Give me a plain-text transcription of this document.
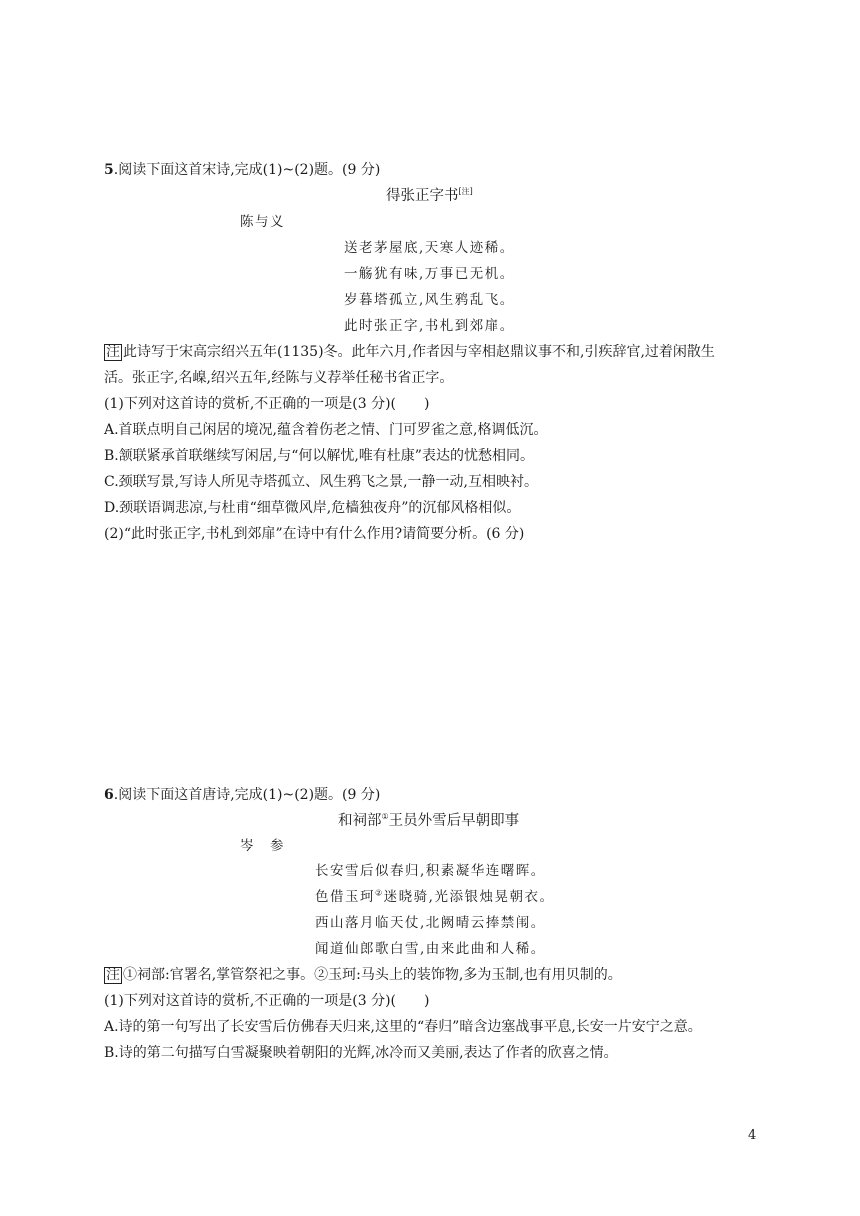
5.阅读下面这首宋诗,完成(1)~(2)题。(9 分)
得张正字书[注]
陈与义
送老茅屋底,天寒人迹稀。
一觞犹有味,万事已无机。
岁暮塔孤立,风生鸦乱飞。
此时张正字,书札到郊扉。
注 此诗写于宋高宗绍兴五年(1135)冬。此年六月,作者因与宰相赵鼎议事不和,引疾辞官,过着闲散生
活。张正字,名嵲,绍兴五年,经陈与义荐举任秘书省正字。
(1)下列对这首诗的赏析,不正确的一项是(3 分)(　　)
A.首联点明自己闲居的境况,蕴含着伤老之情、门可罗雀之意,格调低沉。
B.颔联紧承首联继续写闲居,与“何以解忧,唯有杜康”表达的忧愁相同。
C.颈联写景,写诗人所见寺塔孤立、风生鸦飞之景,一静一动,互相映衬。
D.颈联语调悲凉,与杜甫“细草微风岸,危樯独夜舟”的沉郁风格相似。
(2)“此时张正字,书札到郊扉”在诗中有什么作用?请简要分析。(6 分)
6.阅读下面这首唐诗,完成(1)~(2)题。(9 分)
和祠部①王员外雪后早朝即事
岑　参
长安雪后似春归,积素凝华连曙晖。
色借玉珂②迷晓骑,光添银烛晃朝衣。
西山落月临天仗,北阙晴云捧禁闱。
闻道仙郎歌白雪,由来此曲和人稀。
注 ①祠部:官署名,掌管祭祀之事。②玉珂:马头上的装饰物,多为玉制,也有用贝制的。
(1)下列对这首诗的赏析,不正确的一项是(3 分)(　　)
A.诗的第一句写出了长安雪后仿佛春天归来,这里的“春归”暗含边塞战事平息,长安一片安宁之意。
B.诗的第二句描写白雪凝聚映着朝阳的光辉,冰冷而又美丽,表达了作者的欣喜之情。
4
